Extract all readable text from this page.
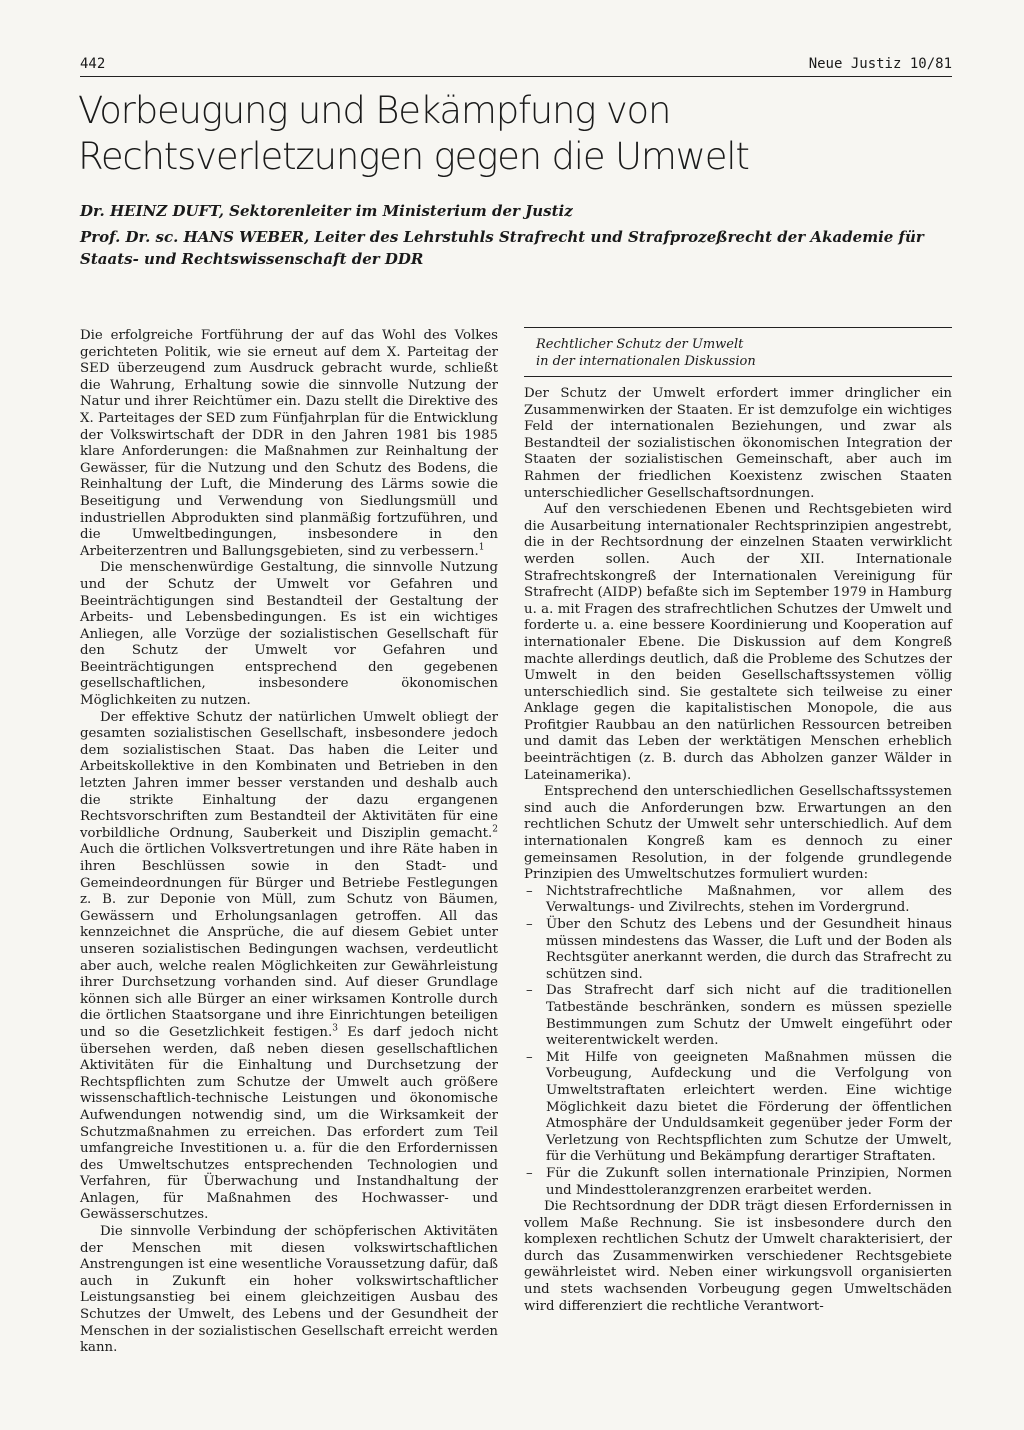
442	Neue Justiz 10/81
Vorbeugung und Bekämpfung von Rechtsverletzungen gegen die Umwelt

Dr. HEINZ DUFT, Sektorenleiter im Ministerium der Justiz

Prof. Dr. sc. HANS WEBER, Leiter des Lehrstuhls Strafrecht und Strafprozeßrecht der Akademie für Staats- und Rechtswissenschaft der DDR

Die erfolgreiche Fortführung der auf das Wohl des Volkes gerichteten Politik, wie sie erneut auf dem X. Parteitag der SED überzeugend zum Ausdruck gebracht wurde, schließt die Wahrung, Erhaltung sowie die sinnvolle Nutzung der Natur und ihrer Reichtümer ein. Dazu stellt die Direktive des X. Parteitages der SED zum Fünfjahrplan für die Entwicklung der Volkswirtschaft der DDR in den Jahren 1981 bis 1985 klare Anforderungen: die Maßnahmen zur Reinhaltung der Gewässer, für die Nutzung und den Schutz des Bodens, die Reinhaltung der Luft, die Minderung des Lärms sowie die Beseitigung und Verwendung von Siedlungsmüll und industriellen Abprodukten sind planmäßig fortzuführen, und die Umweltbedingungen, insbesondere in den Arbeiterzentren und Ballungsgebieten, sind zu verbessern.$^1$

Die menschenwürdige Gestaltung, die sinnvolle Nutzung und der Schutz der Umwelt vor Gefahren und Beeinträchtigungen sind Bestandteil der Gestaltung der Arbeits- und Lebensbedingungen. Es ist ein wichtiges Anliegen, alle Vorzüge der sozialistischen Gesellschaft für den Schutz der Umwelt vor Gefahren und Beeinträchtigungen entsprechend den gegebenen gesellschaftlichen, insbesondere ökonomischen Möglichkeiten zu nutzen.

Der effektive Schutz der natürlichen Umwelt obliegt der gesamten sozialistischen Gesellschaft, insbesondere jedoch dem sozialistischen Staat. Das haben die Leiter und Arbeitskollektive in den Kombinaten und Betrieben in den letzten Jahren immer besser verstanden und deshalb auch die strikte Einhaltung der dazu ergangenen Rechtsvorschriften zum Bestandteil der Aktivitäten für eine vorbildliche Ordnung, Sauberkeit und Disziplin gemacht.$^2$ Auch die örtlichen Volksvertretungen und ihre Räte haben in ihren Beschlüssen sowie in den Stadt- und Gemeindeordnungen für Bürger und Betriebe Festlegungen z. B. zur Deponie von Müll, zum Schutz von Bäumen, Gewässern und Erholungsanlagen getroffen. All das kennzeichnet die Ansprüche, die auf diesem Gebiet unter unseren sozialistischen Bedingungen wachsen, verdeutlicht aber auch, welche realen Möglichkeiten zur Gewährleistung ihrer Durchsetzung vorhanden sind. Auf dieser Grundlage können sich alle Bürger an einer wirksamen Kontrolle durch die örtlichen Staatsorgane und ihre Einrichtungen beteiligen und so die Gesetzlichkeit festigen.$^3$ Es darf jedoch nicht übersehen werden, daß neben diesen gesellschaftlichen Aktivitäten für die Einhaltung und Durchsetzung der Rechtspflichten zum Schutze der Umwelt auch größere wissenschaftlich-technische Leistungen und ökonomische Aufwendungen notwendig sind, um die Wirksamkeit der Schutzmaßnahmen zu erreichen. Das erfordert zum Teil umfangreiche Investitionen u. a. für die den Erfordernissen des Umweltschutzes entsprechenden Technologien und Verfahren, für Überwachung und Instandhaltung der Anlagen, für Maßnahmen des Hochwasser- und Gewässerschutzes.

Die sinnvolle Verbindung der schöpferischen Aktivitäten der Menschen mit diesen volkswirtschaftlichen Anstrengungen ist eine wesentliche Voraussetzung dafür, daß auch in Zukunft ein hoher volkswirtschaftlicher Leistungsanstieg bei einem gleichzeitigen Ausbau des Schutzes der Umwelt, des Lebens und der Gesundheit der Menschen in der sozialistischen Gesellschaft erreicht werden kann.

Rechtlicher Schutz der Umwelt
in der internationalen Diskussion

Der Schutz der Umwelt erfordert immer dringlicher ein Zusammenwirken der Staaten. Er ist demzufolge ein wichtiges Feld der internationalen Beziehungen, und zwar als Bestandteil der sozialistischen ökonomischen Integration der Staaten der sozialistischen Gemeinschaft, aber auch im Rahmen der friedlichen Koexistenz zwischen Staaten unterschiedlicher Gesellschaftsordnungen.

Auf den verschiedenen Ebenen und Rechtsgebieten wird die Ausarbeitung internationaler Rechtsprinzipien angestrebt, die in der Rechtsordnung der einzelnen Staaten verwirklicht werden sollen. Auch der XII. Internationale Strafrechtskongreß der Internationalen Vereinigung für Strafrecht (AIDP) befaßte sich im September 1979 in Hamburg u. a. mit Fragen des strafrechtlichen Schutzes der Umwelt und forderte u. a. eine bessere Koordinierung und Kooperation auf internationaler Ebene. Die Diskussion auf dem Kongreß machte allerdings deutlich, daß die Probleme des Schutzes der Umwelt in den beiden Gesellschaftssystemen völlig unterschiedlich sind. Sie gestaltete sich teilweise zu einer Anklage gegen die kapitalistischen Monopole, die aus Profitgier Raubbau an den natürlichen Ressourcen betreiben und damit das Leben der werktätigen Menschen erheblich beeinträchtigen (z. B. durch das Abholzen ganzer Wälder in Lateinamerika).

Entsprechend den unterschiedlichen Gesellschaftssystemen sind auch die Anforderungen bzw. Erwartungen an den rechtlichen Schutz der Umwelt sehr unterschiedlich. Auf dem internationalen Kongreß kam es dennoch zu einer gemeinsamen Resolution, in der folgende grundlegende Prinzipien des Umweltschutzes formuliert wurden:

– Nichtstrafrechtliche Maßnahmen, vor allem des Verwaltungs- und Zivilrechts, stehen im Vordergrund.
– Über den Schutz des Lebens und der Gesundheit hinaus müssen mindestens das Wasser, die Luft und der Boden als Rechtsgüter anerkannt werden, die durch das Strafrecht zu schützen sind.
– Das Strafrecht darf sich nicht auf die traditionellen Tatbestände beschränken, sondern es müssen spezielle Bestimmungen zum Schutz der Umwelt eingeführt oder weiterentwickelt werden.
– Mit Hilfe von geeigneten Maßnahmen müssen die Vorbeugung, Aufdeckung und die Verfolgung von Umweltstraftaten erleichtert werden. Eine wichtige Möglichkeit dazu bietet die Förderung der öffentlichen Atmosphäre der Unduldsamkeit gegenüber jeder Form der Verletzung von Rechtspflichten zum Schutze der Umwelt, für die Verhütung und Bekämpfung derartiger Straftaten.
– Für die Zukunft sollen internationale Prinzipien, Normen und Mindesttoleranzgrenzen erarbeitet werden.

Die Rechtsordnung der DDR trägt diesen Erfordernissen in vollem Maße Rechnung. Sie ist insbesondere durch den komplexen rechtlichen Schutz der Umwelt charakterisiert, der durch das Zusammenwirken verschiedener Rechtsgebiete gewährleistet wird. Neben einer wirkungsvoll organisierten und stets wachsenden Vorbeugung gegen Umweltschäden wird differenziert die rechtliche Verantwort-
